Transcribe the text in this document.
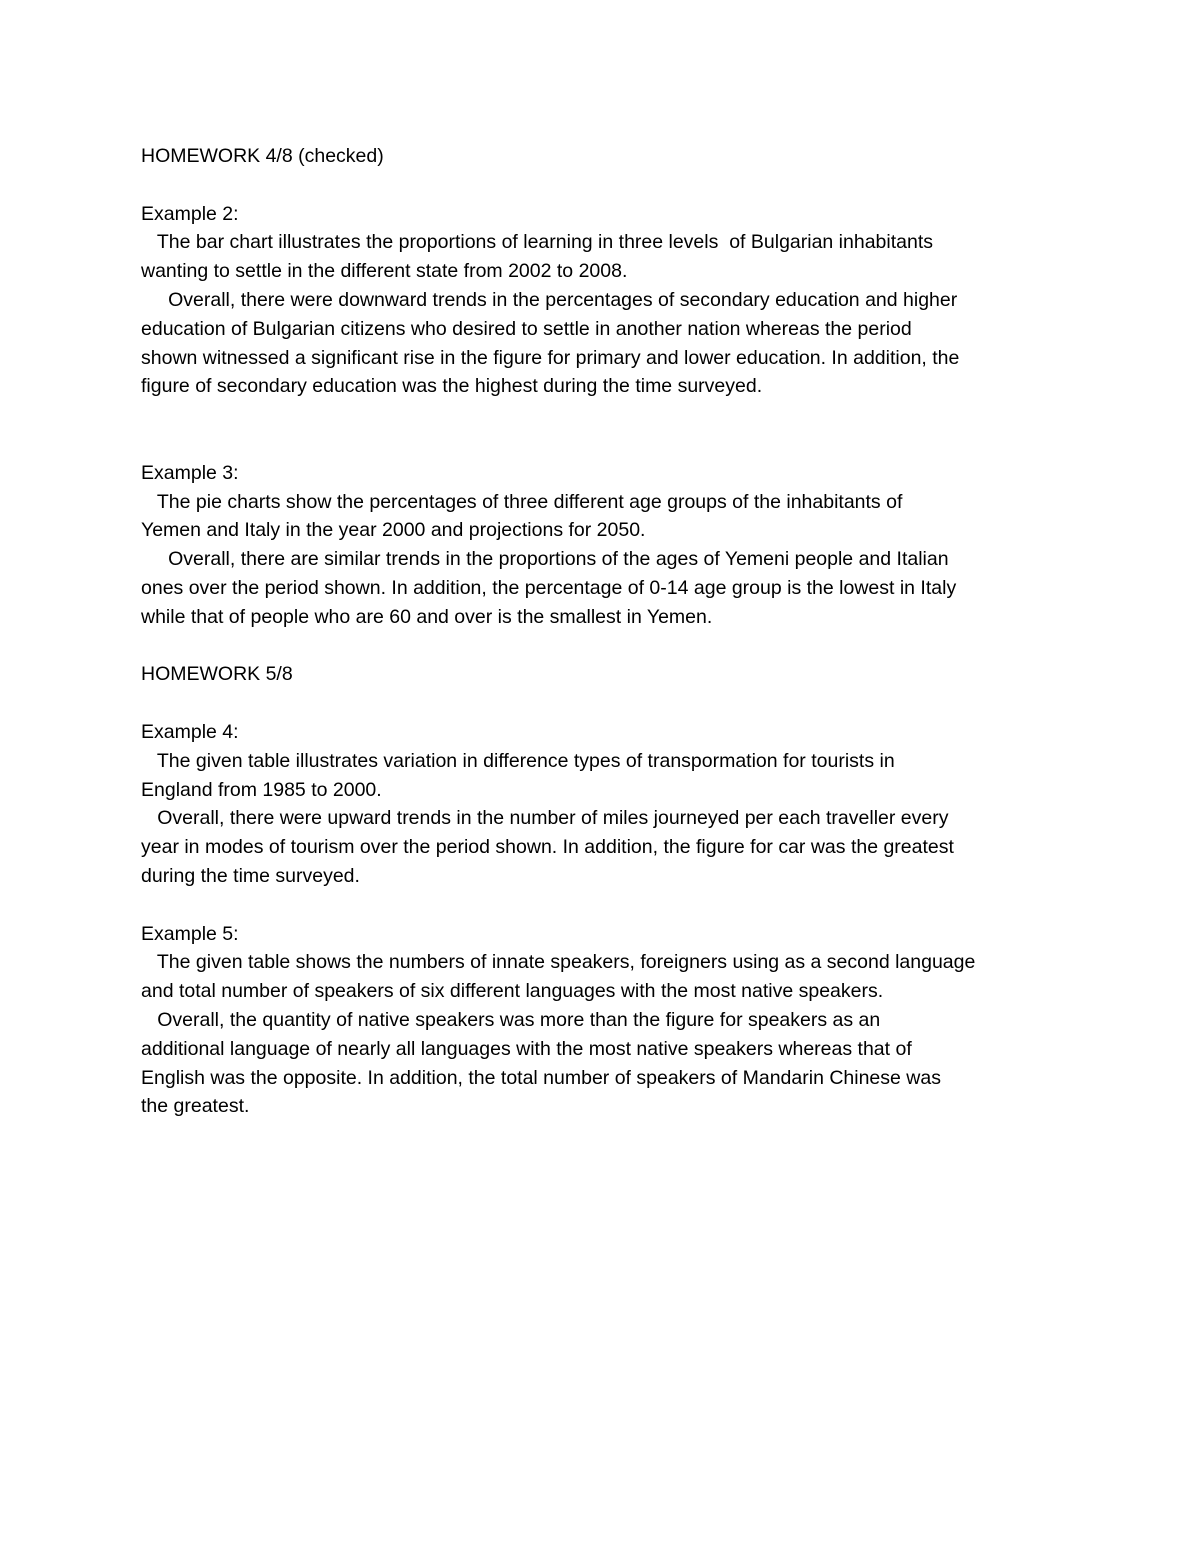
HOMEWORK 4/8 (checked)
Example 2:
The bar chart illustrates the proportions of learning in three levels  of Bulgarian inhabitants
wanting to settle in the different state from 2002 to 2008.
Overall, there were downward trends in the percentages of secondary education and higher
education of Bulgarian citizens who desired to settle in another nation whereas the period
shown witnessed a significant rise in the figure for primary and lower education. In addition, the
figure of secondary education was the highest during the time surveyed.
Example 3:
The pie charts show the percentages of three different age groups of the inhabitants of
Yemen and Italy in the year 2000 and projections for 2050.
Overall, there are similar trends in the proportions of the ages of Yemeni people and Italian
ones over the period shown. In addition, the percentage of 0-14 age group is the lowest in Italy
while that of people who are 60 and over is the smallest in Yemen.
HOMEWORK 5/8
Example 4:
The given table illustrates variation in difference types of transpormation for tourists in
England from 1985 to 2000.
Overall, there were upward trends in the number of miles journeyed per each traveller every
year in modes of tourism over the period shown. In addition, the figure for car was the greatest
during the time surveyed.
Example 5:
The given table shows the numbers of innate speakers, foreigners using as a second language
and total number of speakers of six different languages with the most native speakers.
Overall, the quantity of native speakers was more than the figure for speakers as an
additional language of nearly all languages with the most native speakers whereas that of
English was the opposite. In addition, the total number of speakers of Mandarin Chinese was
the greatest.
